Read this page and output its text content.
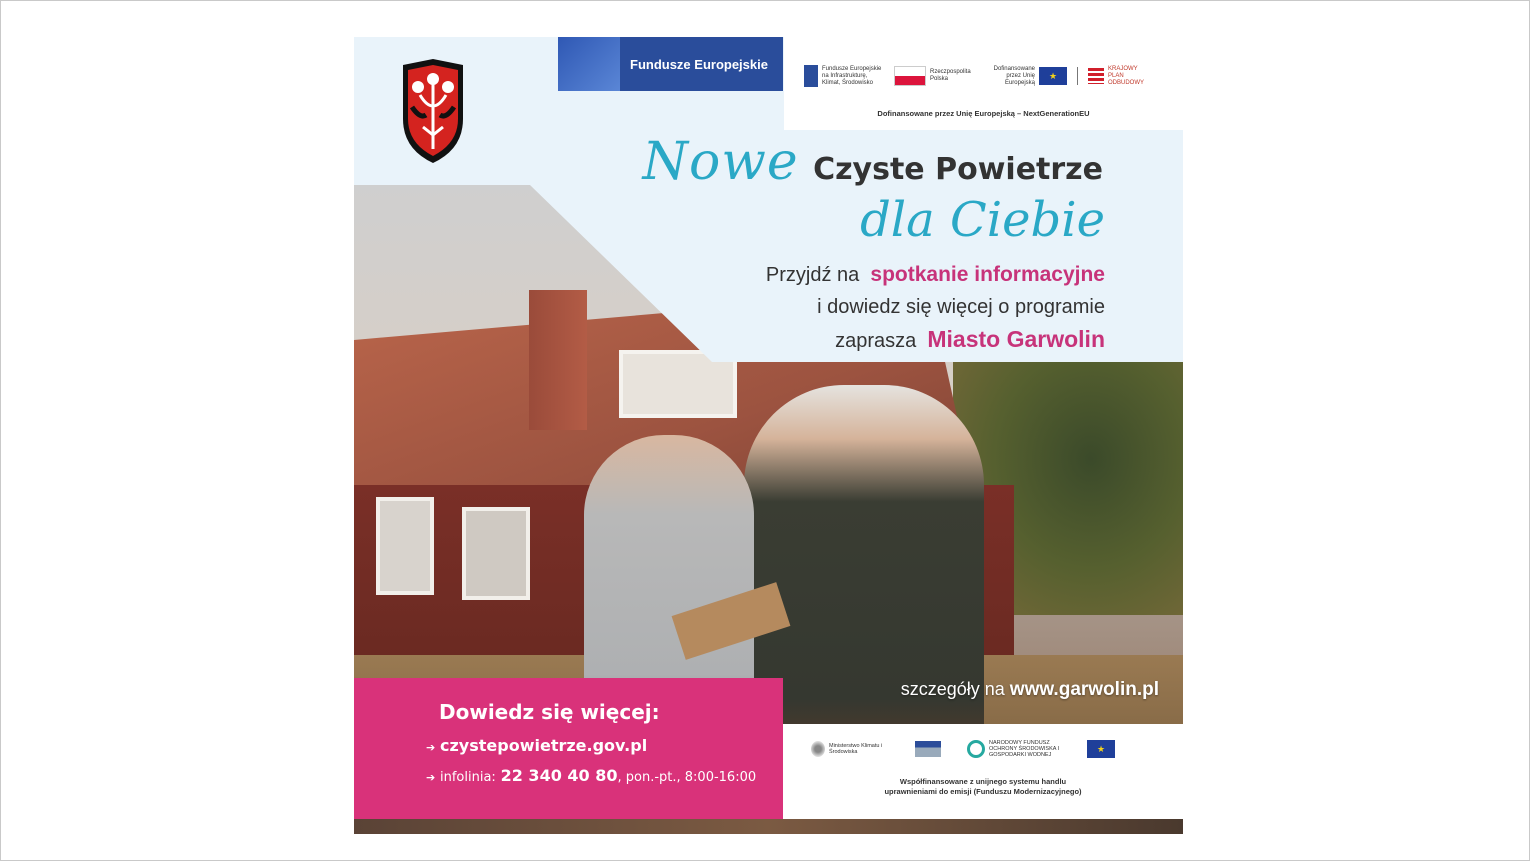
Fundusze Europejskie	Fundusze Europejskie na Infrastrukturę, Klimat, Środowisko
Rzeczpospolita Polska
Dofinansowane przez Unię Europejską
★
KRAJOWY PLAN ODBUDOWY
Dofinansowane przez Unię Europejską – NextGenerationEU
Nowe Czyste Powietrze
dla Ciebie
Przyjdź na spotkanie informacyjne
i dowiedz się więcej o programie
zaprasza Miasto Garwolin
szczegóły na www.garwolin.pl
Dowiedz się więcej:
➔ czystepowietrze.gov.pl
➔ infolinia: 22 340 40 80, pon.-pt., 8:00-16:00
Ministerstwo Klimatu i Środowiska
NARODOWY FUNDUSZ OCHRONY ŚRODOWISKA I GOSPODARKI WODNEJ
★
Współfinansowane z unijnego systemu handlu
uprawnieniami do emisji (Funduszu Modernizacyjnego)
